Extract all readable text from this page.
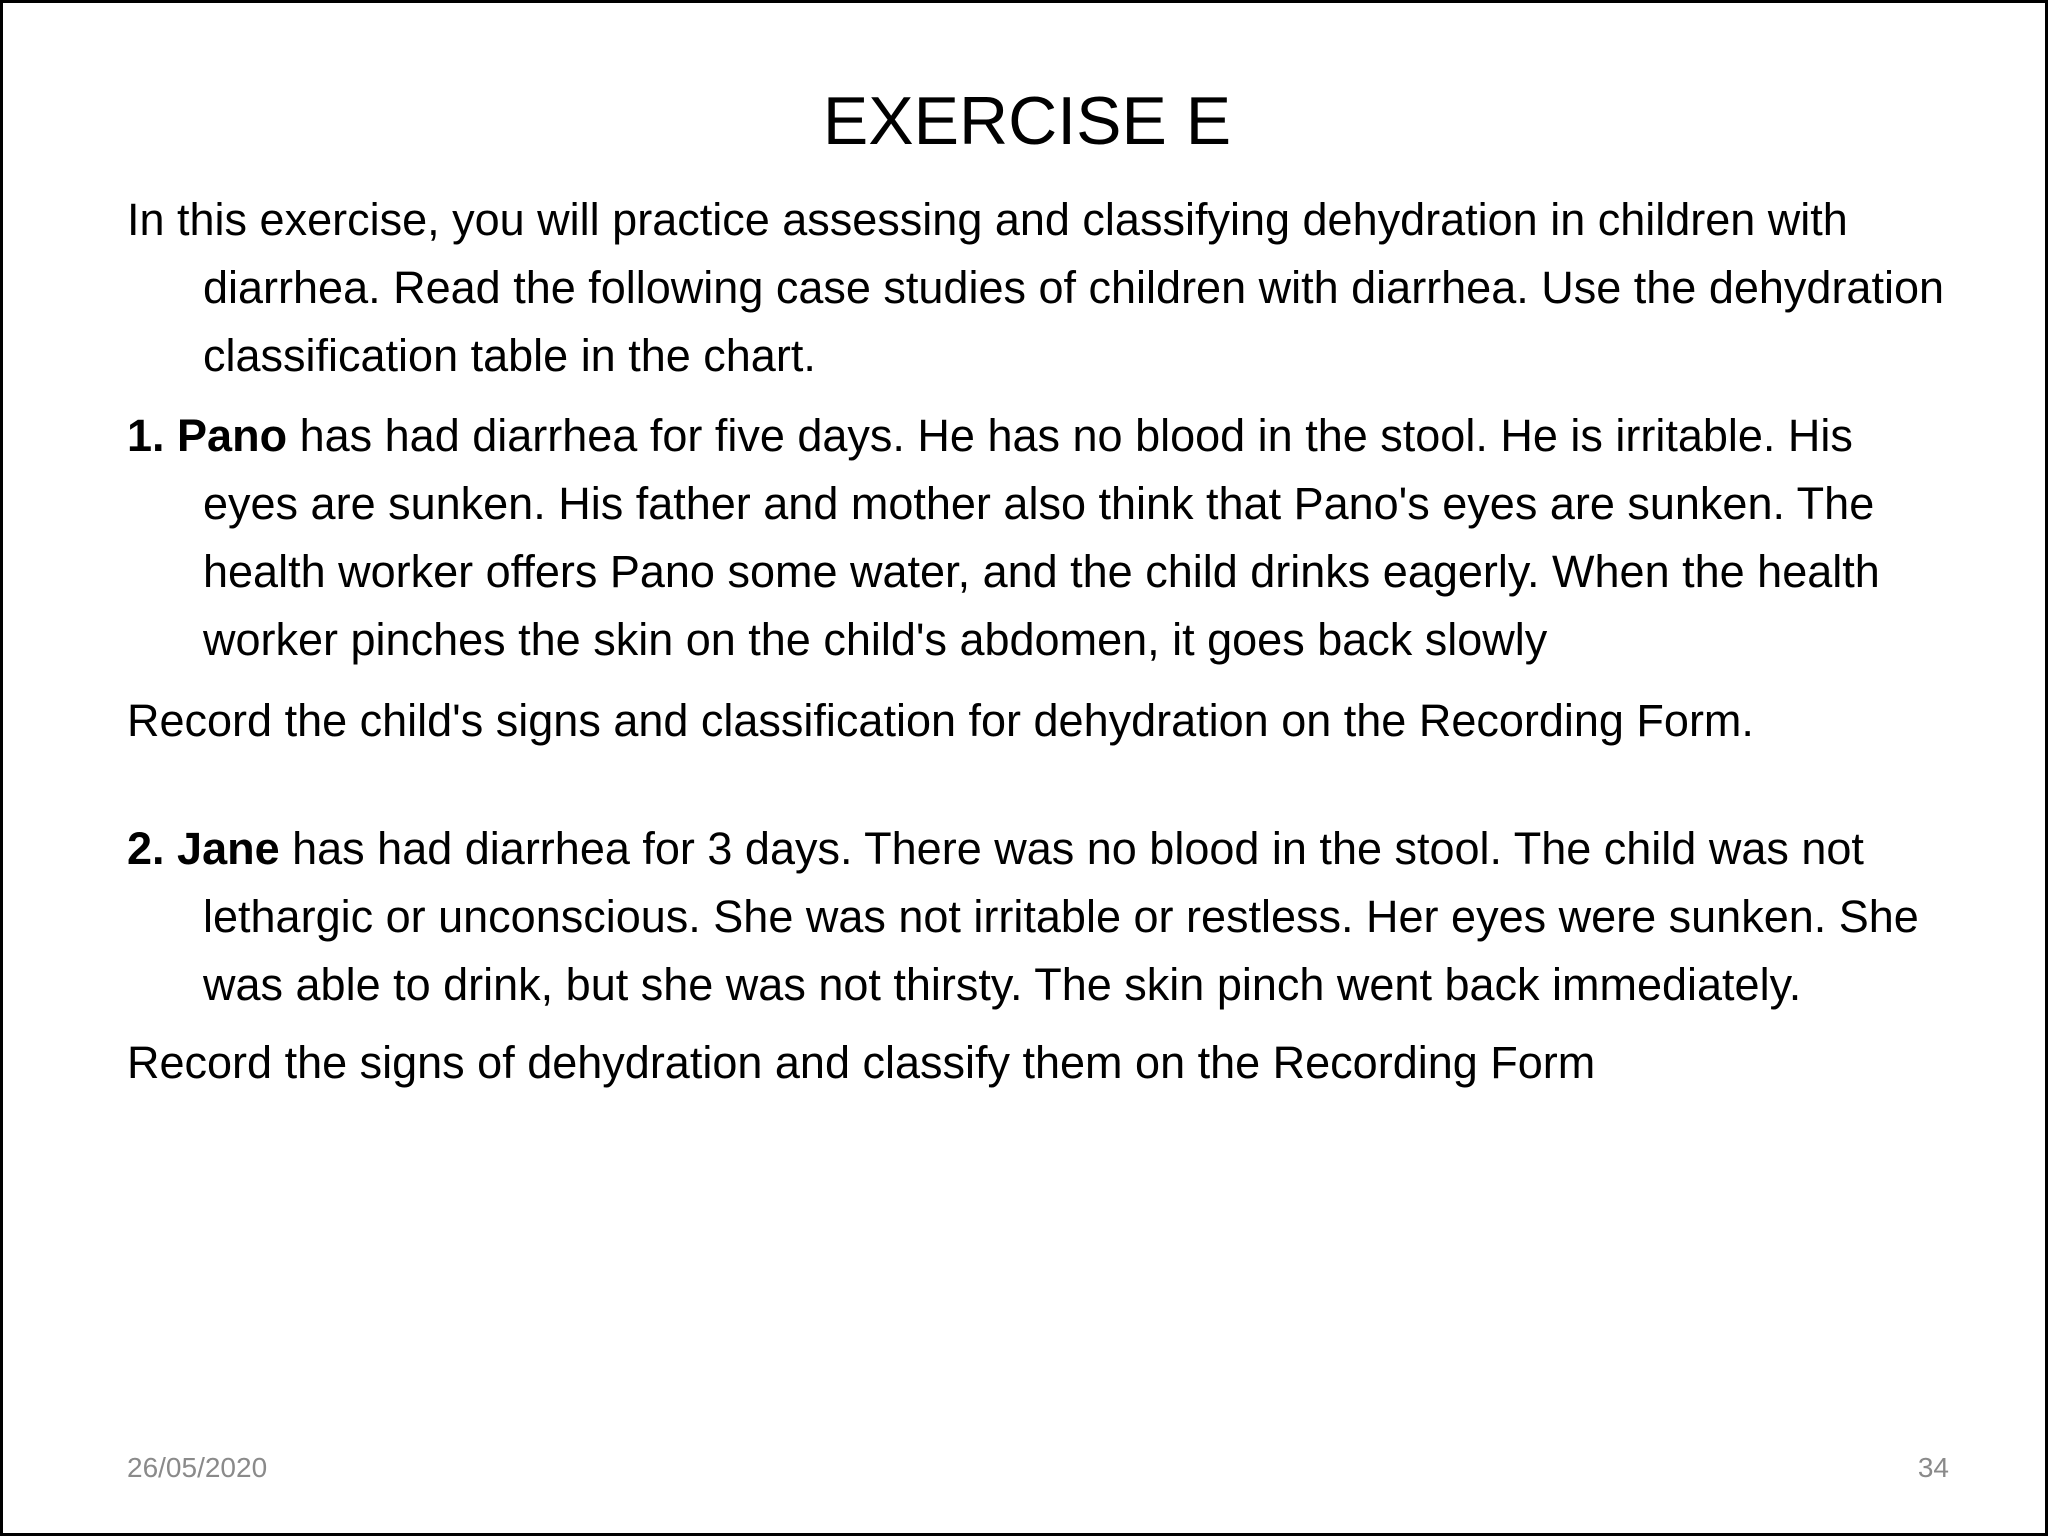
EXERCISE E

In this exercise, you will practice assessing and classifying dehydration in children with diarrhea. Read the following case studies of children with diarrhea. Use the dehydration classification table in the chart.

1. Pano has had diarrhea for five days. He has no blood in the stool. He is irritable. His eyes are sunken. His father and mother also think that Pano's eyes are sunken. The health worker offers Pano some water, and the child drinks eagerly. When the health worker pinches the skin on the child's abdomen, it goes back slowly

Record the child's signs and classification for dehydration on the Recording Form.

2. Jane has had diarrhea for 3 days. There was no blood in the stool. The child was not lethargic or unconscious. She was not irritable or restless. Her eyes were sunken. She was able to drink, but she was not thirsty. The skin pinch went back immediately.

Record the signs of dehydration and classify them on the Recording Form

26/05/2020	34
